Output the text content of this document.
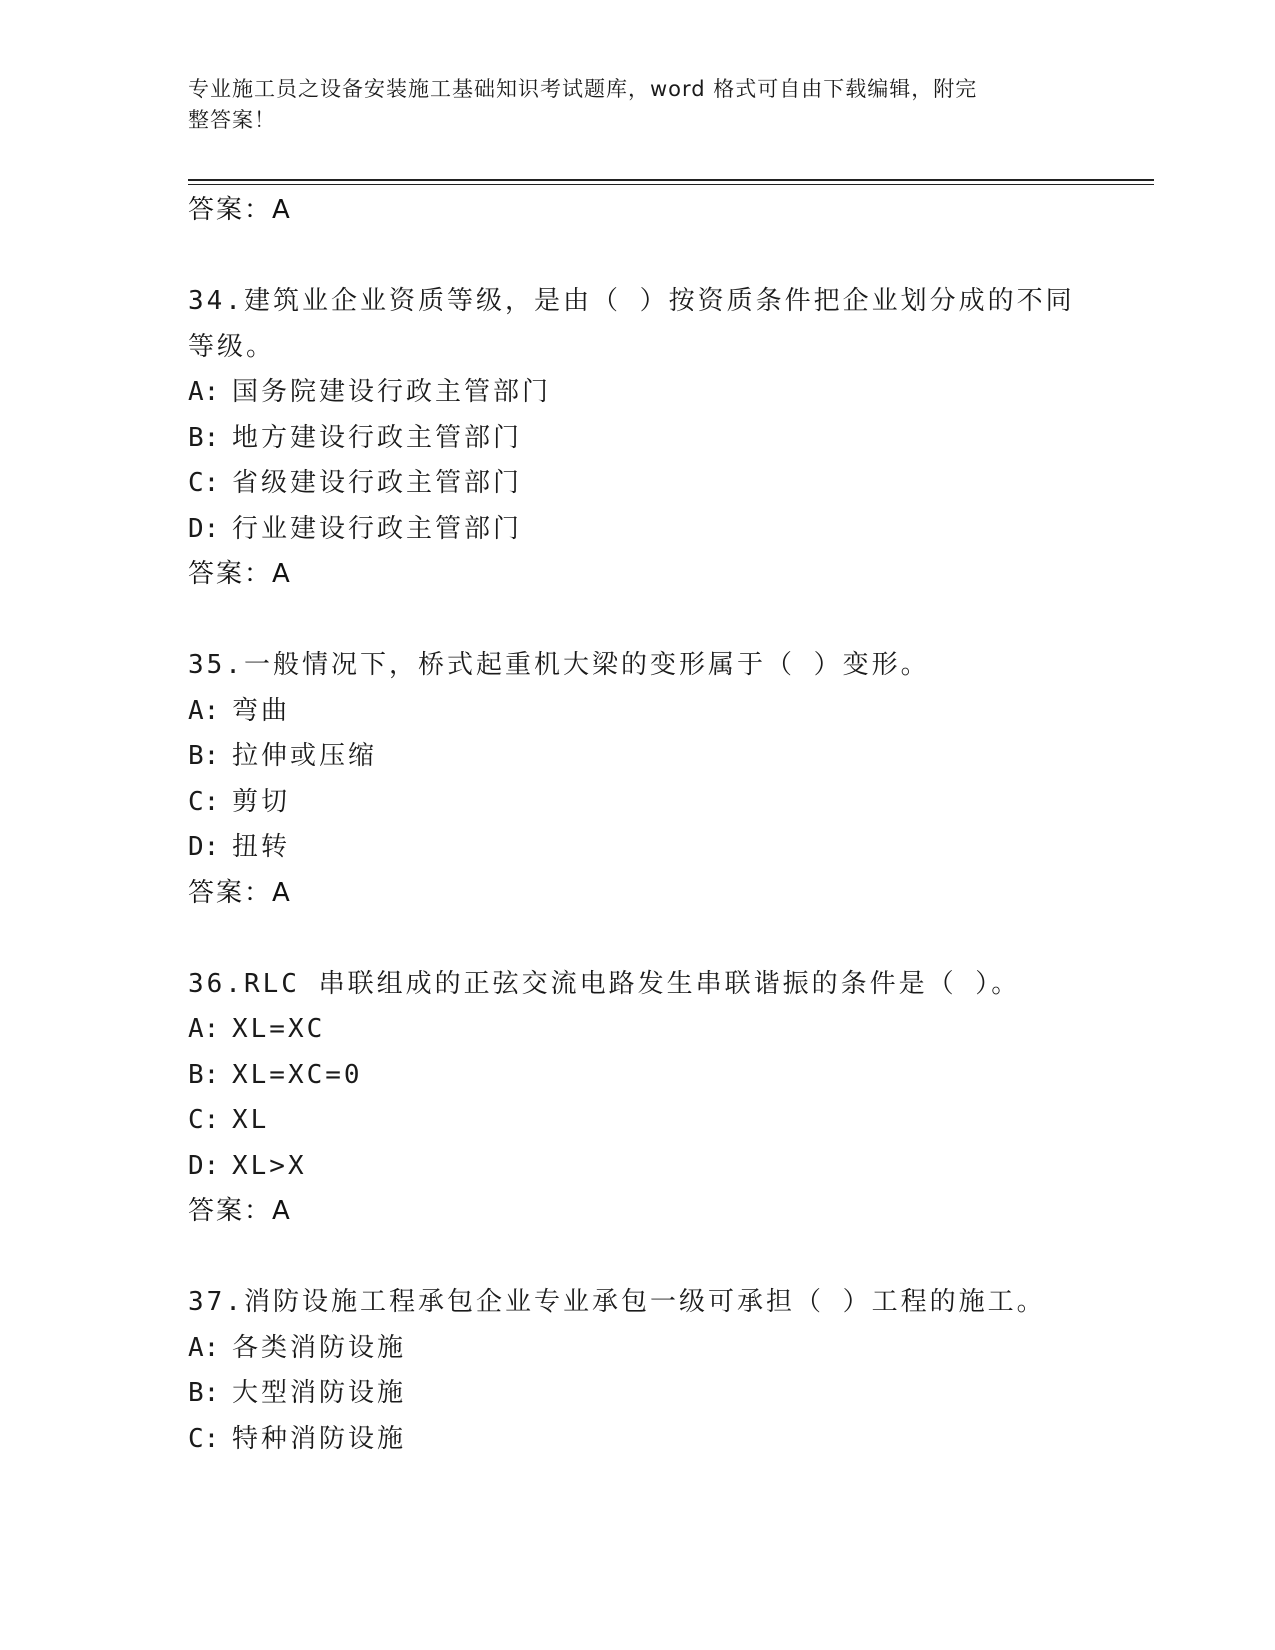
专业施工员之设备安装施工基础知识考试题库，word 格式可自由下载编辑，附完
整答案！
答案：A
34.建筑业企业资质等级，是由（ ）按资质条件把企业划分成的不同
等级。
A: 国务院建设行政主管部门
B: 地方建设行政主管部门
C: 省级建设行政主管部门
D: 行业建设行政主管部门
答案：A
35.一般情况下，桥式起重机大梁的变形属于（ ）变形。
A: 弯曲
B: 拉伸或压缩
C: 剪切
D: 扭转
答案：A
36.RLC 串联组成的正弦交流电路发生串联谐振的条件是（ ）。
A: XL=XC
B: XL=XC=0
C: XL
D: XL>X
答案：A
37.消防设施工程承包企业专业承包一级可承担（ ）工程的施工。
A: 各类消防设施
B: 大型消防设施
C: 特种消防设施
